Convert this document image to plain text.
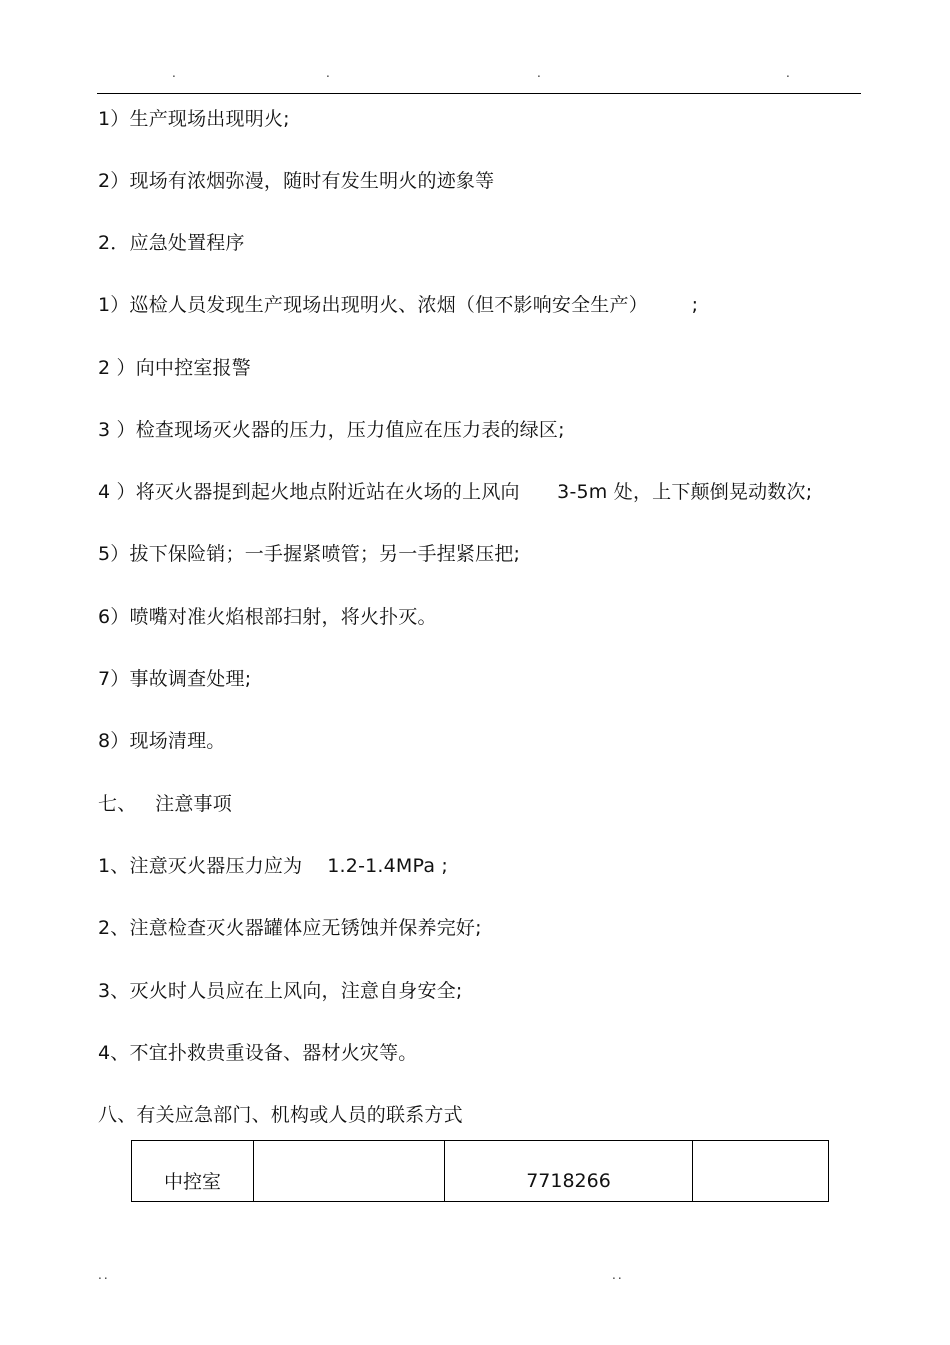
.	.	.	.
1）生产现场出现明火;
2）现场有浓烟弥漫，随时有发生明火的迹象等
2．应急处置程序
1）巡检人员发现生产现场出现明火、浓烟（但不影响安全生产）       ;
2 ）向中控室报警
3 ）检查现场灭火器的压力，压力值应在压力表的绿区;
4 ）将灭火器提到起火地点附近站在火场的上风向      3-5m 处，上下颠倒晃动数次;
5）拔下保险销；一手握紧喷管；另一手捏紧压把;
6）喷嘴对准火焰根部扫射，将火扑灭。
7）事故调查处理;
8）现场清理。
七、   注意事项
1、注意灭火器压力应为    1.2-1.4MPa ;
2、注意检查灭火器罐体应无锈蚀并保养完好;
3、灭火时人员应在上风向，注意自身安全;
4、不宜扑救贵重设备、器材火灾等。
八、有关应急部门、机构或人员的联系方式
中控室		7718266	
..	..
